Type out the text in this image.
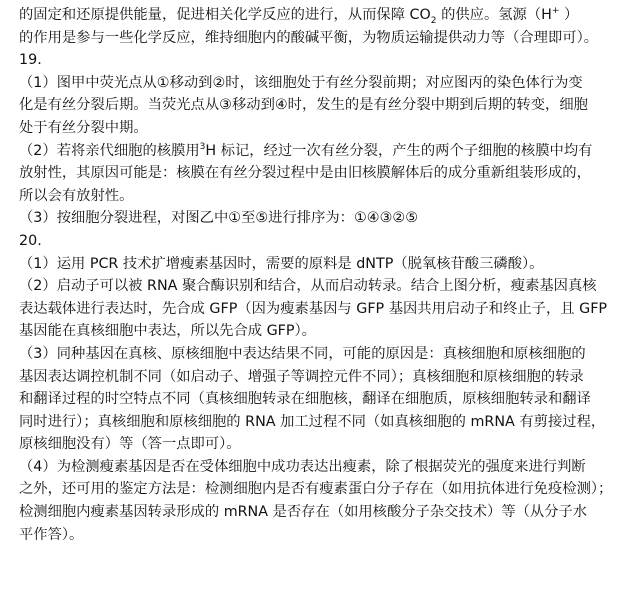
的固定和还原提供能量，促进相关化学反应的进行，从而保障 $CO_2$ 的供应。氢源（H+ ）
的作用是参与一些化学反应，维持细胞内的酸碱平衡，为物质运输提供动力等（合理即可）。
19.
（1）图甲中荧光点从①移动到②时，该细胞处于有丝分裂前期；对应图丙的染色体行为变
化是有丝分裂后期。当荧光点从③移动到④时，发生的是有丝分裂中期到后期的转变，细胞
处于有丝分裂中期。
（2）若将亲代细胞的核膜用$^3$H 标记，经过一次有丝分裂，产生的两个子细胞的核膜中均有
放射性，其原因可能是：核膜在有丝分裂过程中是由旧核膜解体后的成分重新组装形成的，
所以会有放射性。
（3）按细胞分裂进程，对图乙中①至⑤进行排序为：①④③②⑤
20.
（1）运用 PCR 技术扩增瘦素基因时，需要的原料是 dNTP（脱氧核苷酸三磷酸）。
（2）启动子可以被 RNA 聚合酶识别和结合，从而启动转录。结合上图分析，瘦素基因真核
表达载体进行表达时，先合成 GFP（因为瘦素基因与 GFP 基因共用启动子和终止子，且 GFP
基因能在真核细胞中表达，所以先合成 GFP）。
（3）同种基因在真核、原核细胞中表达结果不同，可能的原因是：真核细胞和原核细胞的
基因表达调控机制不同（如启动子、增强子等调控元件不同）；真核细胞和原核细胞的转录
和翻译过程的时空特点不同（真核细胞转录在细胞核，翻译在细胞质，原核细胞转录和翻译
同时进行）；真核细胞和原核细胞的 RNA 加工过程不同（如真核细胞的 mRNA 有剪接过程，
原核细胞没有）等（答一点即可）。
（4）为检测瘦素基因是否在受体细胞中成功表达出瘦素，除了根据荧光的强度来进行判断
之外，还可用的鉴定方法是：检测细胞内是否有瘦素蛋白分子存在（如用抗体进行免疫检测）；
检测细胞内瘦素基因转录形成的 mRNA 是否存在（如用核酸分子杂交技术）等（从分子水
平作答）。
